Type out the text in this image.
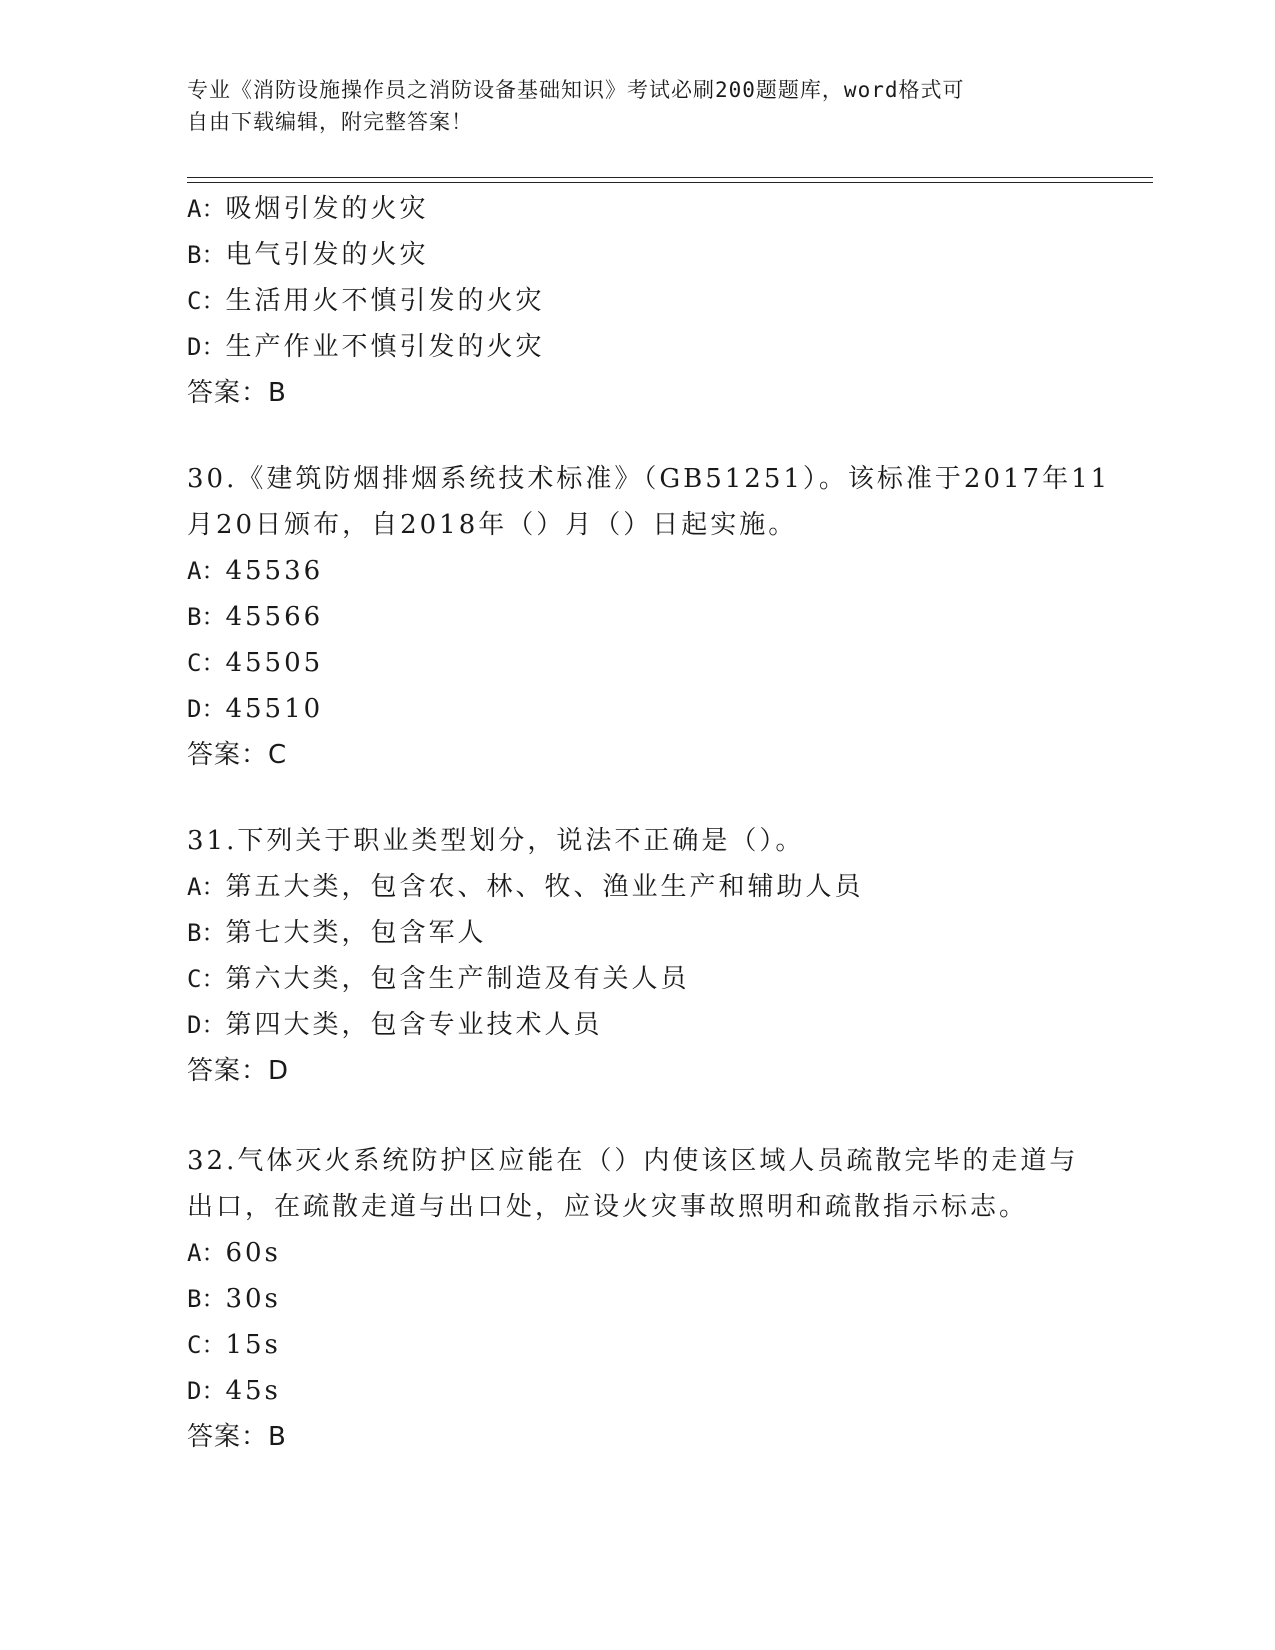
专业《消防设施操作员之消防设备基础知识》考试必刷200题题库，word格式可
自由下载编辑，附完整答案！
A：吸烟引发的火灾
B：电气引发的火灾
C：生活用火不慎引发的火灾
D：生产作业不慎引发的火灾
答案：B
30.《建筑防烟排烟系统技术标准》（GB51251）。该标准于2017年11
月20日颁布，自2018年（）月（）日起实施。
A：45536
B：45566
C：45505
D：45510
答案：C
31.下列关于职业类型划分，说法不正确是（）。
A：第五大类，包含农、林、牧、渔业生产和辅助人员
B：第七大类，包含军人
C：第六大类，包含生产制造及有关人员
D：第四大类，包含专业技术人员
答案：D
32.气体灭火系统防护区应能在（）内使该区域人员疏散完毕的走道与
出口，在疏散走道与出口处，应设火灾事故照明和疏散指示标志。
A：60s
B：30s
C：15s
D：45s
答案：B
